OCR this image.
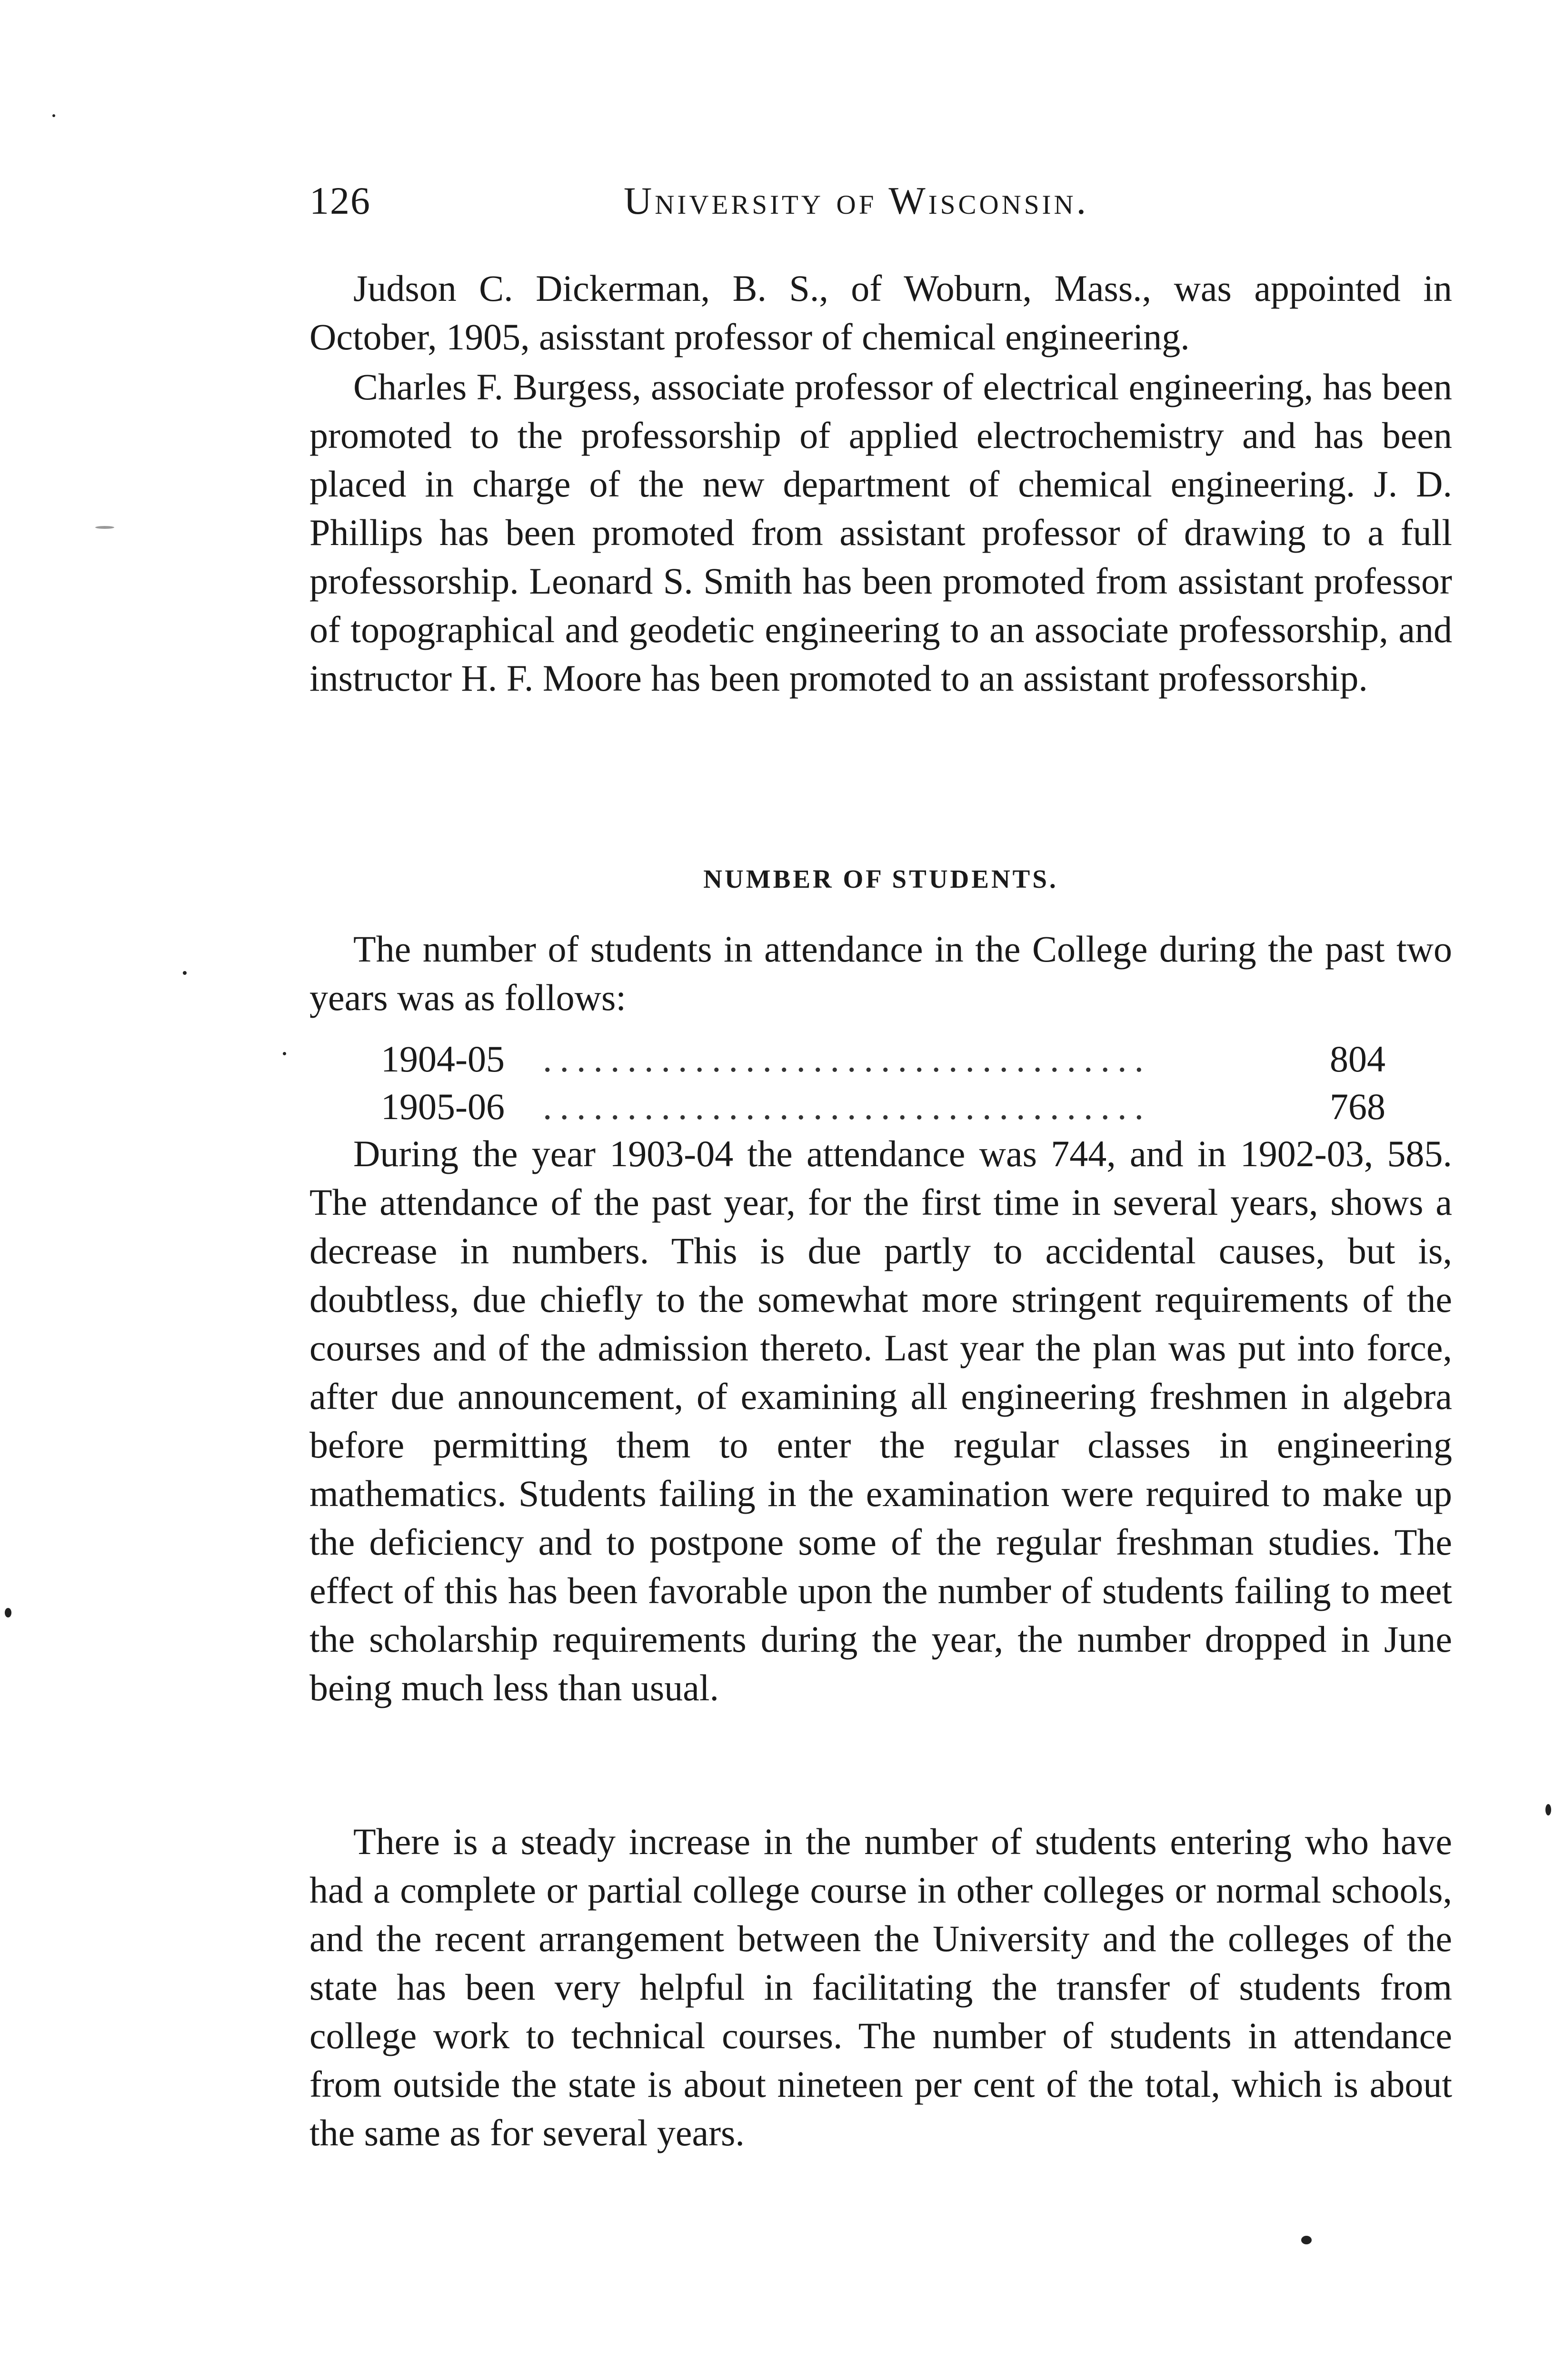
126	University of Wisconsin.

Judson C. Dickerman, B. S., of Woburn, Mass., was appointed in October, 1905, asisstant professor of chemical engineering.

Charles F. Burgess, associate professor of electrical engineering, has been promoted to the professorship of applied electrochemistry and has been placed in charge of the new department of chemical engineering. J. D. Phillips has been promoted from assistant professor of drawing to a full professorship. Leonard S. Smith has been promoted from assistant professor of topographical and geodetic engineering to an associate professorship, and instructor H. F. Moore has been promoted to an assistant professorship.

NUMBER OF STUDENTS.

The number of students in attendance in the College during the past two years was as follows:

1904-05	....................................	804
1905-06	....................................	768

During the year 1903-04 the attendance was 744, and in 1902-03, 585. The attendance of the past year, for the first time in several years, shows a decrease in numbers. This is due partly to accidental causes, but is, doubtless, due chiefly to the somewhat more stringent requirements of the courses and of the admission thereto. Last year the plan was put into force, after due announcement, of examining all engineering freshmen in algebra before permitting them to enter the regular classes in engineering mathematics. Students failing in the examination were required to make up the deficiency and to postpone some of the regular freshman studies. The effect of this has been favorable upon the number of students failing to meet the scholarship requirements during the year, the number dropped in June being much less than usual.

There is a steady increase in the number of students entering who have had a complete or partial college course in other colleges or normal schools, and the recent arrangement between the University and the colleges of the state has been very helpful in facilitating the transfer of students from college work to technical courses. The number of students in attendance from outside the state is about nineteen per cent of the total, which is about the same as for several years.
